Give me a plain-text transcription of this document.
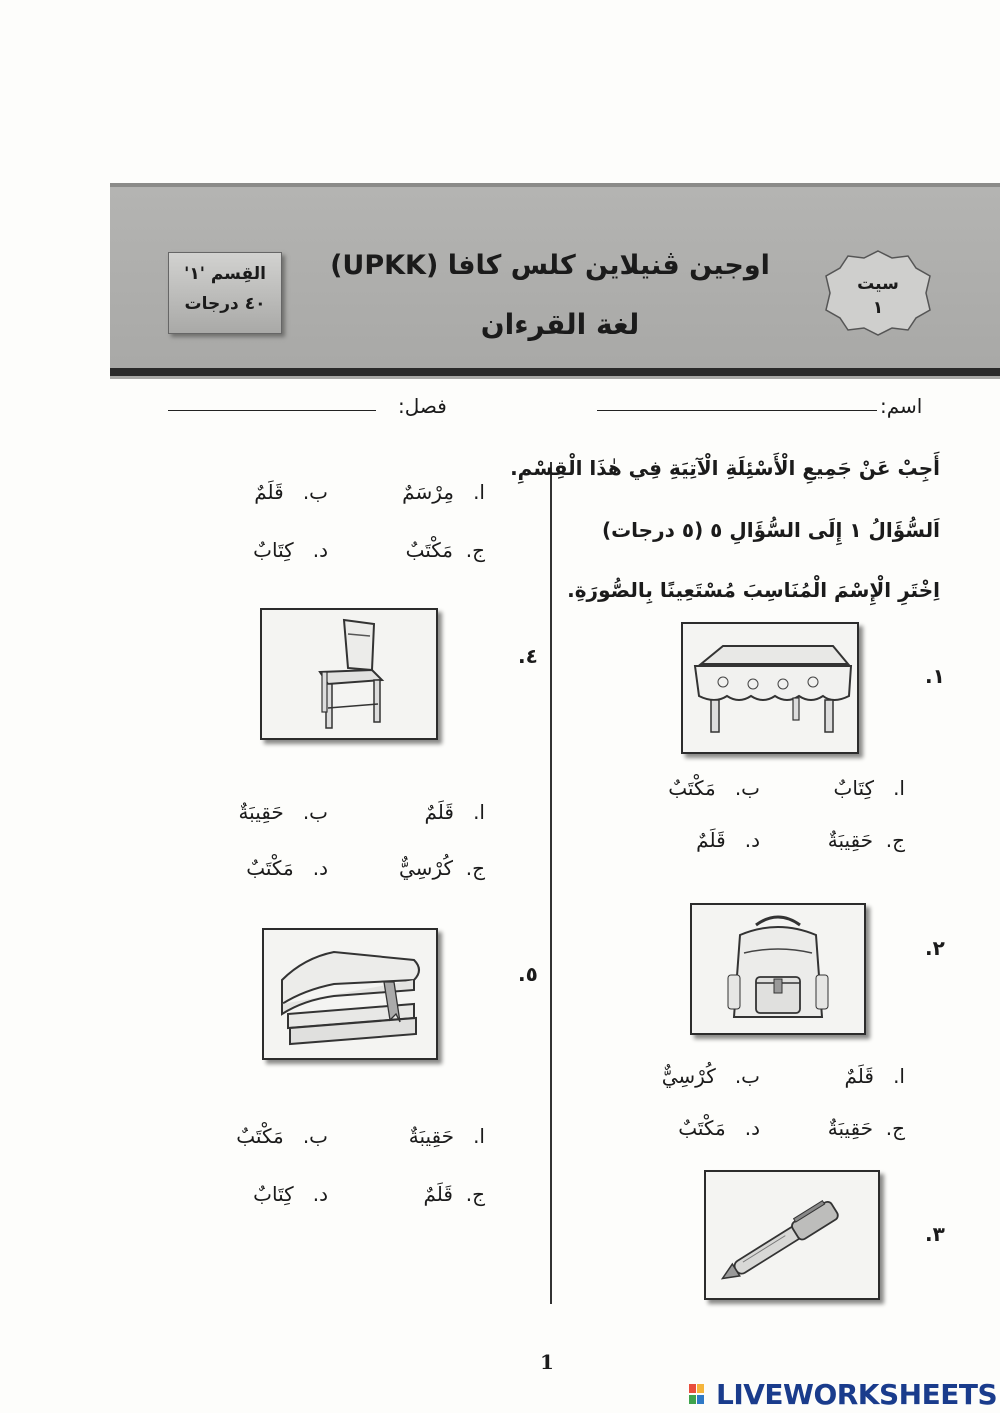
القِسم '١'
٤٠ درجات
اوجين ڤنيلاين كلس كافا (UPKK)
لغة القرءان
سيت
١
اسم:
فصل:
أَجِبْ عَنْ جَمِيعِ الْأَسْئِلَةِ الْآتِيَةِ فِي هٰذَا الْقِسْمِ.
اَلسُّؤَالُ ١ إِلَى السُّؤَالِ ٥ (٥ درجات)
اِخْتَرِ الْإِسْمَ الْمُنَاسِبَ مُسْتَعِينًا بِالصُّورَةِ.
.١
ا.   كِتَابٌ
ب.   مَكْتَبٌ
ج.  حَقِيبَةٌ
د.   قَلَمٌ
.٢
ا.   قَلَمٌ
ب.   كُرْسِيٌّ
ج.  حَقِيبَةٌ
د.   مَكْتَبٌ
.٣
ا.   مِرْسَمٌ
ب.   قَلَمٌ
ج.  مَكْتَبٌ
د.   كِتَابٌ
.٤
ا.   قَلَمٌ
ب.   حَقِيبَةٌ
ج.  كُرْسِيٌّ
د.   مَكْتَبٌ
.٥
ا.   حَقِيبَةٌ
ب.   مَكْتَبٌ
ج.  قَلَمٌ
د.   كِتَابٌ
1
LIVEWORKSHEETS
